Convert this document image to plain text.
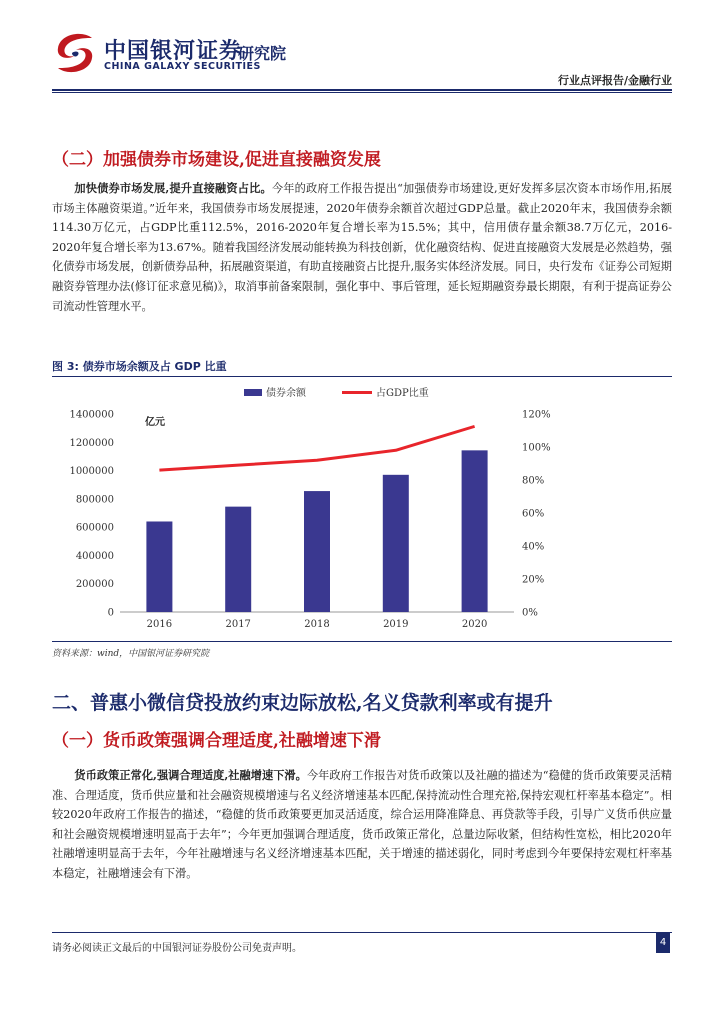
中国银河证券
CHINA GALAXY SECURITIES
研究院
行业点评报告/金融行业
（二）加强债券市场建设,促进直接融资发展
加快债券市场发展,提升直接融资占比。今年的政府工作报告提出“加强债券市场建设,更好发挥多层次资本市场作用,拓展市场主体融资渠道。”近年来，我国债券市场发展提速，2020年债券余额首次超过GDP总量。截止2020年末，我国债券余额114.30万亿元，占GDP比重112.5%，2016-2020年复合增长率为15.5%；其中，信用债存量余额38.7万亿元，2016-2020年复合增长率为13.67%。随着我国经济发展动能转换为科技创新，优化融资结构、促进直接融资大发展是必然趋势，强化债券市场发展，创新债券品种，拓展融资渠道，有助直接融资占比提升,服务实体经济发展。同日，央行发布《证券公司短期融资券管理办法(修订征求意见稿)》，取消事前备案限制，强化事中、事后管理，延长短期融资券最长期限，有利于提高证券公司流动性管理水平。
图 3: 债券市场余额及占 GDP 比重
债券余额	占GDP比重
亿元
0
200000
400000
600000
800000
1000000
1200000
1400000
0%
20%
40%
60%
80%
100%
120%
2016	2017	2018	2019	2020
资料来源：wind，中国银河证券研究院
二、普惠小微信贷投放约束边际放松,名义贷款利率或有提升
（一）货币政策强调合理适度,社融增速下滑
货币政策正常化,强调合理适度,社融增速下滑。今年政府工作报告对货币政策以及社融的描述为“稳健的货币政策要灵活精准、合理适度，货币供应量和社会融资规模增速与名义经济增速基本匹配,保持流动性合理充裕,保持宏观杠杆率基本稳定”。相较2020年政府工作报告的描述，“稳健的货币政策要更加灵活适度，综合运用降准降息、再贷款等手段，引导广义货币供应量和社会融资规模增速明显高于去年”；今年更加强调合理适度，货币政策正常化，总量边际收紧，但结构性宽松，相比2020年社融增速明显高于去年，今年社融增速与名义经济增速基本匹配，关于增速的描述弱化，同时考虑到今年要保持宏观杠杆率基本稳定，社融增速会有下滑。
请务必阅读正文最后的中国银河证券股份公司免责声明。
4
